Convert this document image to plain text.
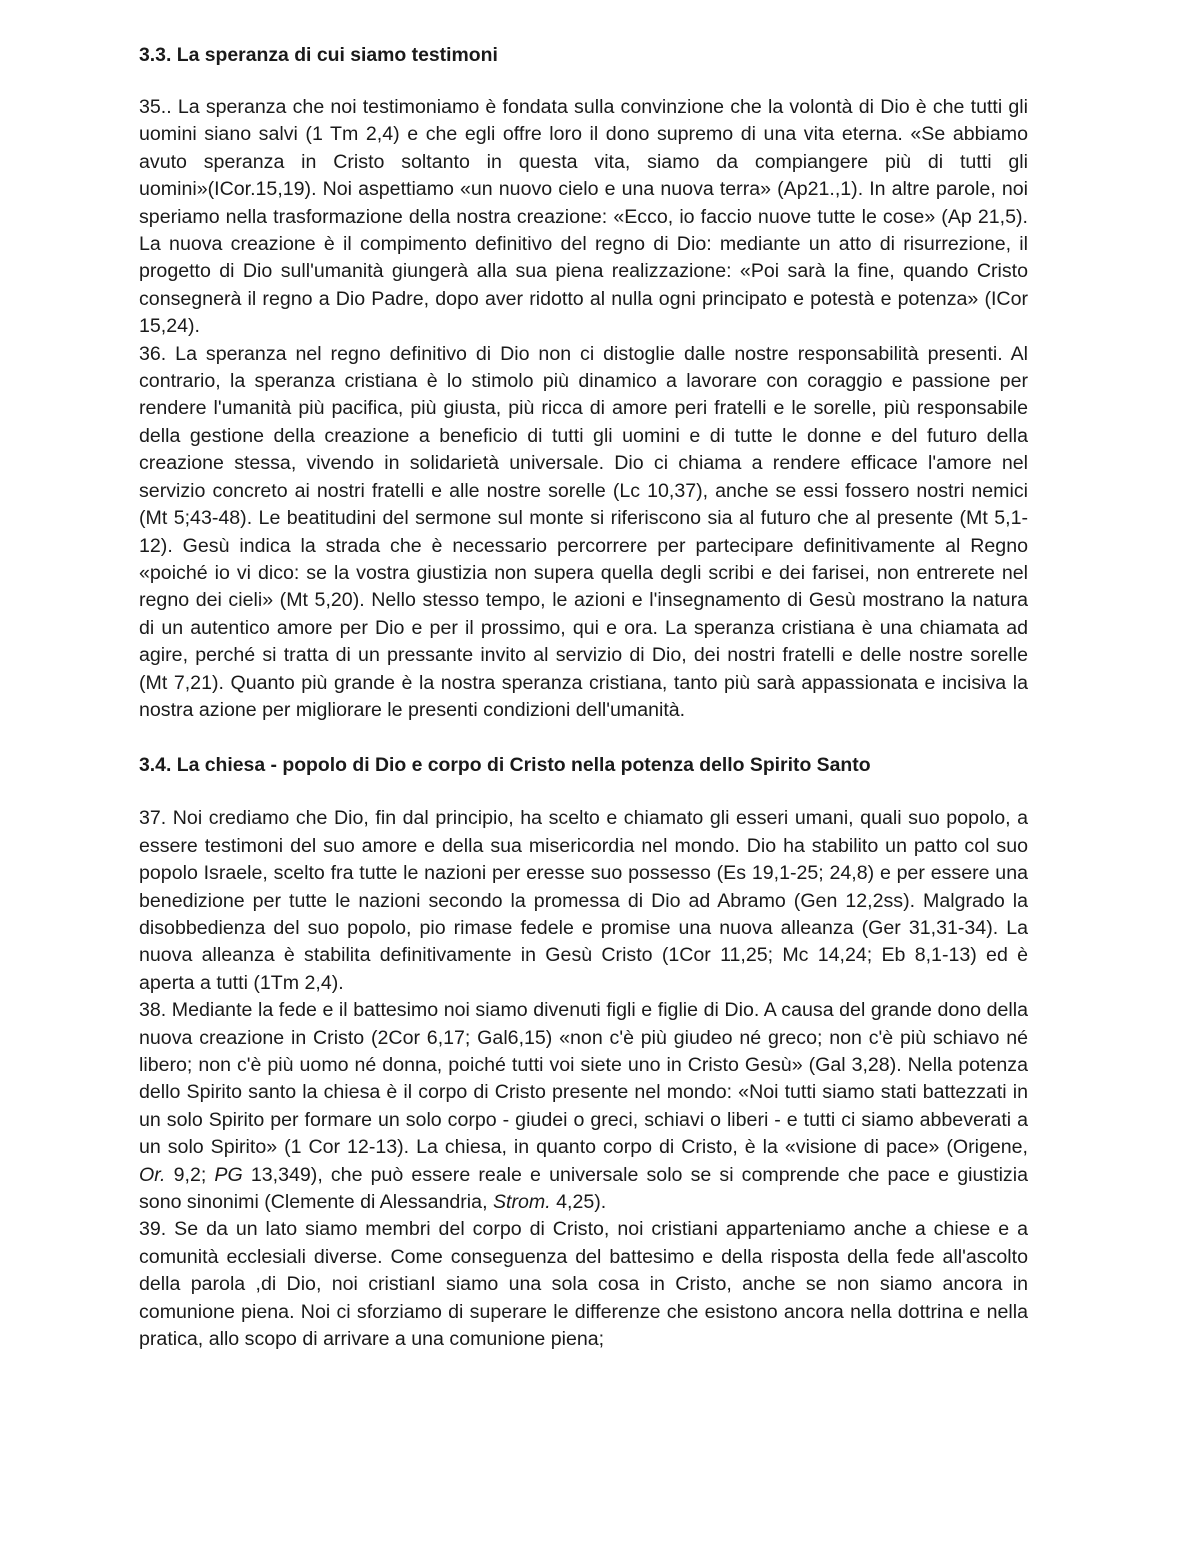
3.3. La speranza di cui siamo testimoni

35.. La speranza che noi testimoniamo è fondata sulla convinzione che la volontà di Dio è che tutti gli uomini siano salvi (1 Tm 2,4) e che egli offre loro il dono supremo di una vita eterna. «Se abbiamo avuto speranza in Cristo soltanto in questa vita, siamo da compiangere più di tutti gli uomini»(ICor.15,19). Noi aspettiamo «un nuovo cielo e una nuova terra» (Ap21.,1). In altre parole, noi speriamo nella trasformazione della nostra creazione: «Ecco, io faccio nuove tutte le cose» (Ap 21,5). La nuova creazione è il compimento definitivo del regno di Dio: mediante un atto di risurrezione, il progetto di Dio sull'umanità giungerà alla sua piena realizzazione: «Poi sarà la fine, quando Cristo consegnerà il regno a Dio Padre, dopo aver ridotto al nulla ogni principato e potestà e potenza» (ICor 15,24).

36. La speranza nel regno definitivo di Dio non ci distoglie dalle nostre responsabilità presenti. Al contrario, la speranza cristiana è lo stimolo più dinamico a lavorare con coraggio e passione per rendere l'umanità più pacifica, più giusta, più ricca di amore peri fratelli e le sorelle, più responsabile della gestione della creazione a beneficio di tutti gli uomini e di tutte le donne e del futuro della creazione stessa, vivendo in solidarietà universale. Dio ci chiama a rendere efficace l'amore nel servizio concreto ai nostri fratelli e alle nostre sorelle (Lc 10,37), anche se essi fossero nostri nemici (Mt 5;43-48). Le beatitudini del sermone sul monte si riferiscono sia al futuro che al presente (Mt 5,1-12). Gesù indica la strada che è necessario percorrere per partecipare definitivamente al Regno «poiché io vi dico: se la vostra giustizia non supera quella degli scribi e dei farisei, non entrerete nel regno dei cieli» (Mt 5,20). Nello stesso tempo, le azioni e l'insegnamento di Gesù mostrano la natura di un autentico amore per Dio e per il prossimo, qui e ora. La speranza cristiana è una chiamata ad agire, perché si tratta di un pressante invito al servizio di Dio, dei nostri fratelli e delle nostre sorelle (Mt 7,21). Quanto più grande è la nostra speranza cristiana, tanto più sarà appassionata e incisiva la nostra azione per migliorare le presenti condizioni dell'umanità.

3.4. La chiesa - popolo di Dio e corpo di Cristo nella potenza dello Spirito Santo

37. Noi crediamo che Dio, fin dal principio, ha scelto e chiamato gli esseri umani, quali suo popolo, a essere testimoni del suo amore e della sua misericordia nel mondo. Dio ha stabilito un patto col suo popolo Israele, scelto fra tutte le nazioni per eresse suo possesso (Es 19,1-25; 24,8) e per essere una benedizione per tutte le nazioni secondo la promessa di Dio ad Abramo (Gen 12,2ss). Malgrado la disobbedienza del suo popolo, pio rimase fedele e promise una nuova alleanza (Ger 31,31-34). La nuova alleanza è stabilita definitivamente in Gesù Cristo (1Cor 11,25; Mc 14,24; Eb 8,1-13) ed è aperta a tutti (1Tm 2,4).

38. Mediante la fede e il battesimo noi siamo divenuti figli e figlie di Dio. A causa del grande dono della nuova creazione in Cristo (2Cor 6,17; Gal6,15) «non c'è più giudeo né greco; non c'è più schiavo né libero; non c'è più uomo né donna, poiché tutti voi siete uno in Cristo Gesù» (Gal 3,28). Nella potenza dello Spirito santo la chiesa è il corpo di Cristo presente nel mondo: «Noi tutti siamo stati battezzati in un solo Spirito per formare un solo corpo - giudei o greci, schiavi o liberi - e tutti ci siamo abbeverati a un solo Spirito» (1 Cor 12-13). La chiesa, in quanto corpo di Cristo, è la «visione di pace» (Origene, Or. 9,2; PG 13,349), che può essere reale e universale solo se si comprende che pace e giustizia sono sinonimi (Clemente di Alessandria, Strom. 4,25).

39. Se da un lato siamo membri del corpo di Cristo, noi cristiani apparteniamo anche a chiese e a comunità ecclesiali diverse. Come conseguenza del battesimo e della risposta della fede all'ascolto della parola ,di Dio, noi cristianI siamo una sola cosa in Cristo, anche se non siamo ancora in comunione piena. Noi ci sforziamo di superare le differenze che esistono ancora nella dottrina e nella pratica, allo scopo di arrivare a una comunione piena;
